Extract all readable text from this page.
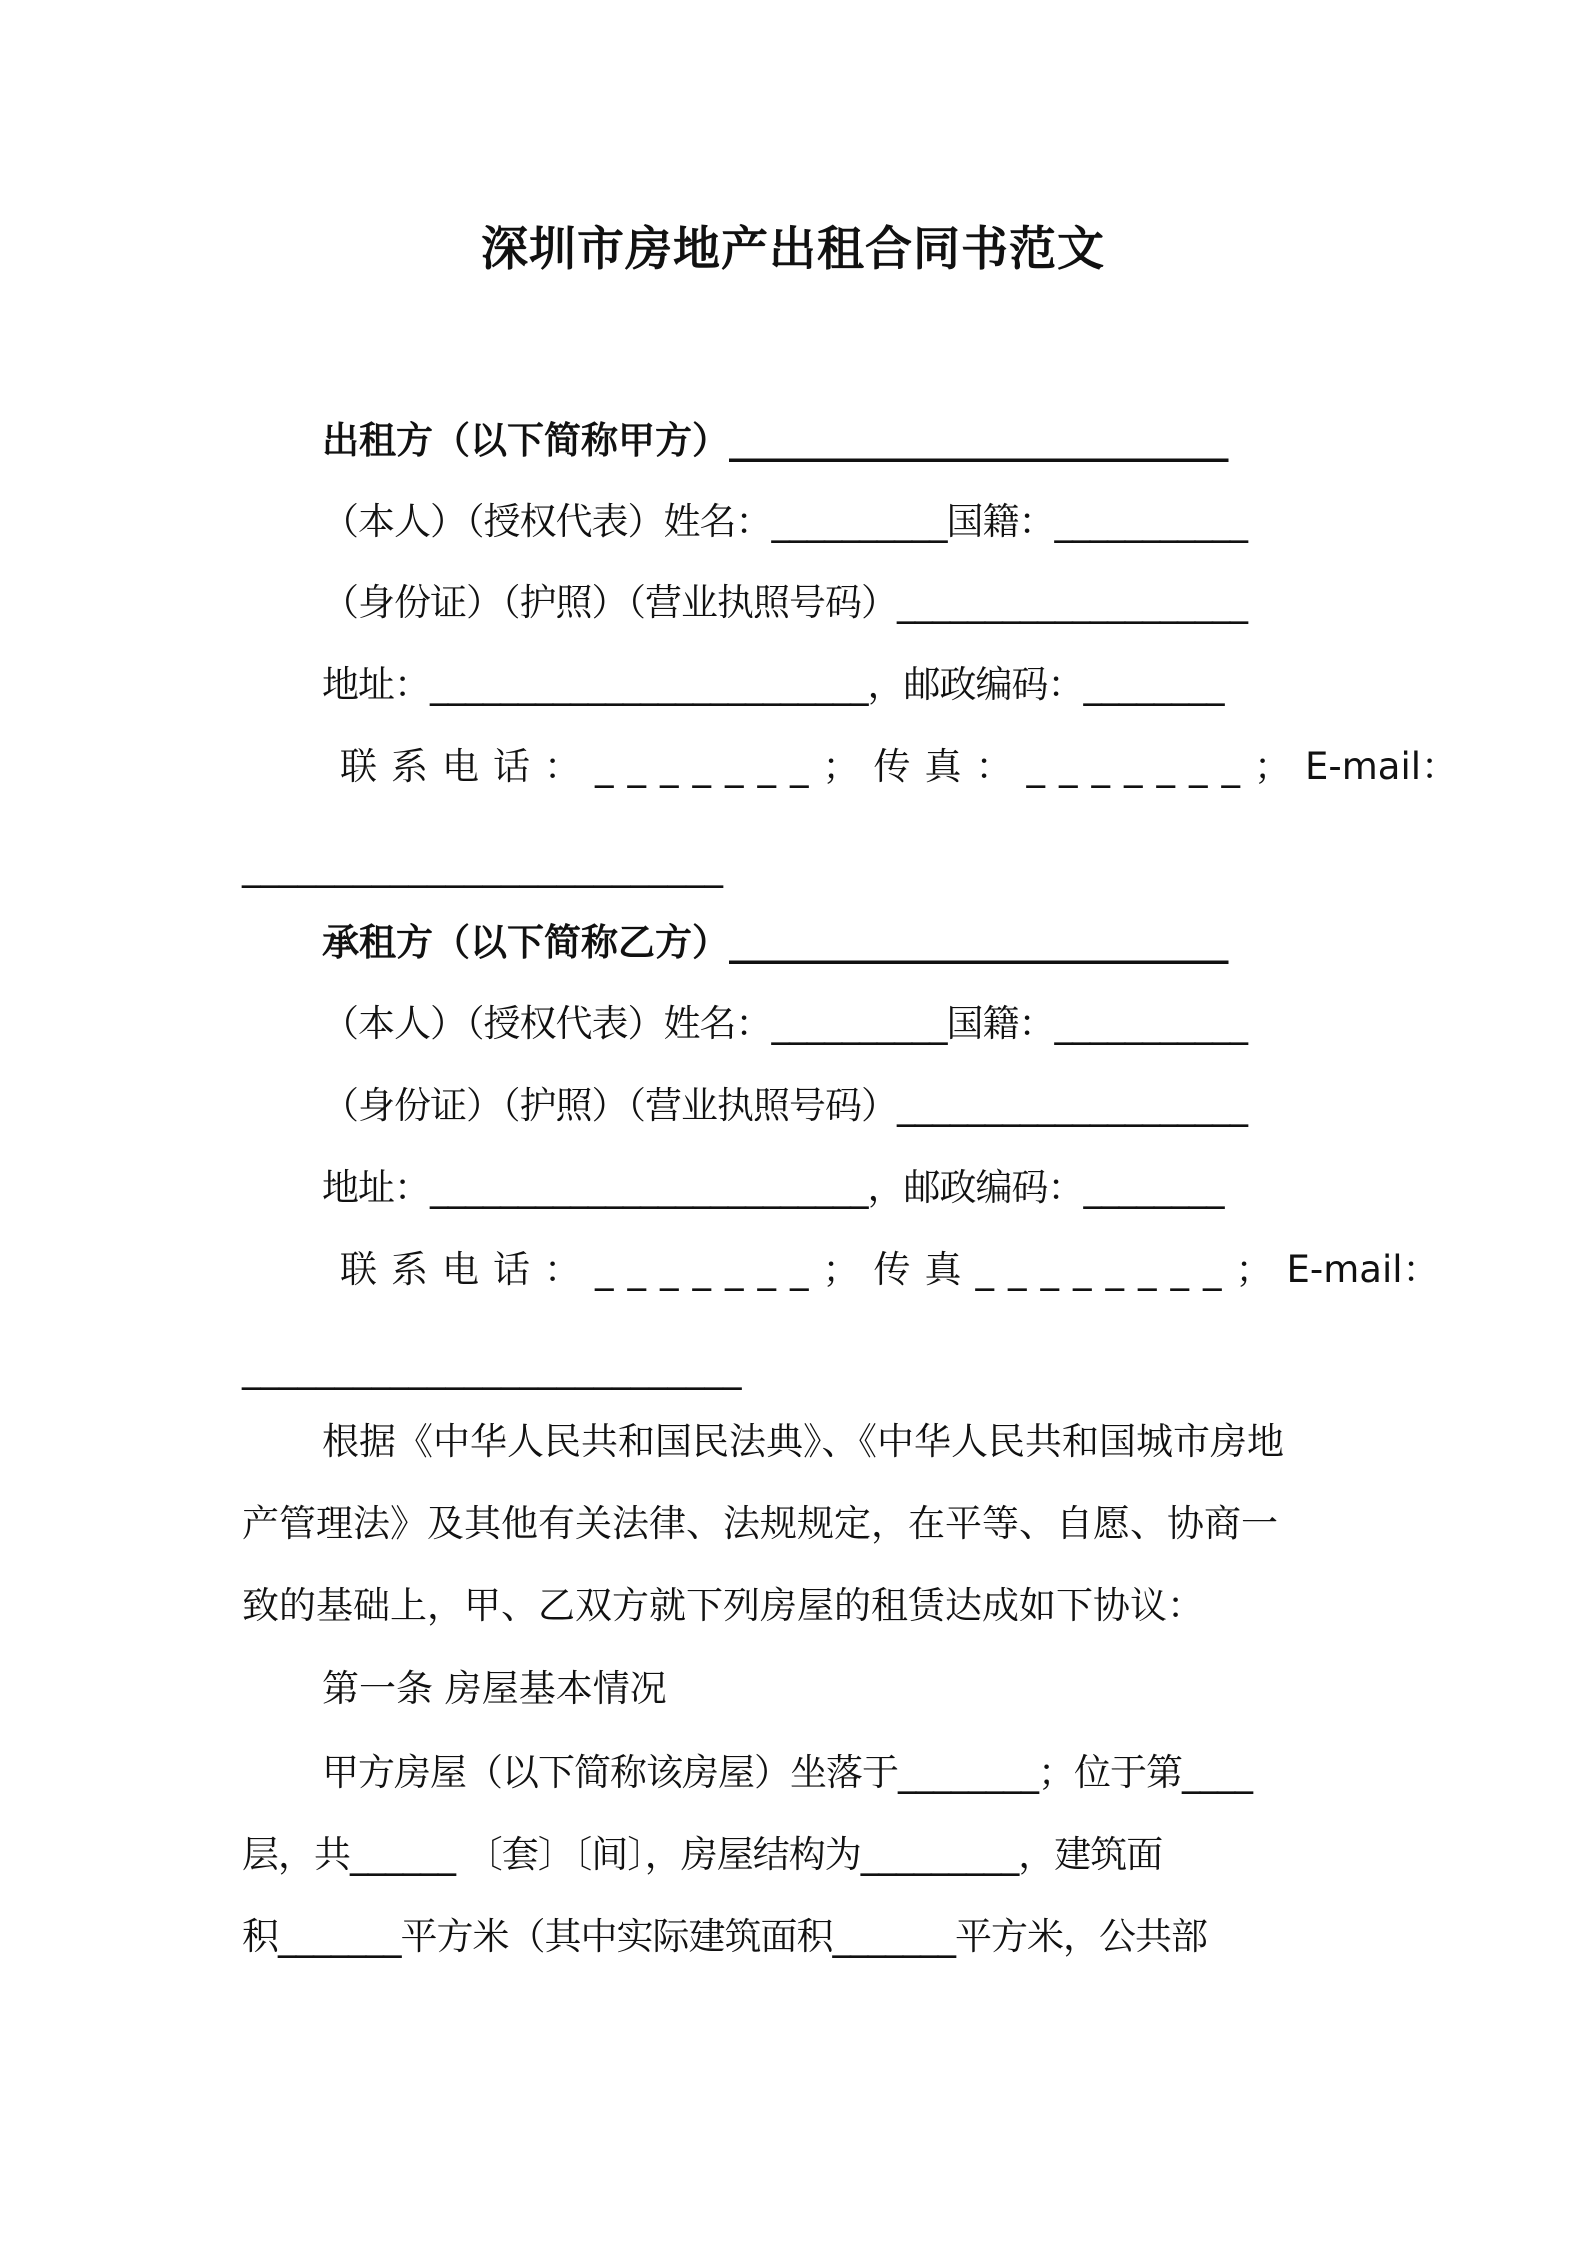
深圳市房地产出租合同书范文
出租方（以下简称甲方）___________________________
（本人）（授权代表）姓名：__________国籍：___________
（身份证）（护照）（营业执照号码）____________________
地址：_________________________，邮政编码：________
联系电话：_______； 传真：_______； E-mail：
__________________________
承租方（以下简称乙方）___________________________
（本人）（授权代表）姓名：__________国籍：___________
（身份证）（护照）（营业执照号码）____________________
地址：_________________________，邮政编码：________
联系电话：_______； 传真________； E-mail：
___________________________
根据《中华人民共和国民法典》、《中华人民共和国城市房地
产管理法》及其他有关法律、法规规定，在平等、自愿、协商一
致的基础上，甲、乙双方就下列房屋的租赁达成如下协议：
第一条 房屋基本情况
甲方房屋（以下简称该房屋）坐落于________；位于第____
层，共______ 〔套〕〔间〕，房屋结构为_________，建筑面
积_______平方米（其中实际建筑面积_______平方米，公共部
